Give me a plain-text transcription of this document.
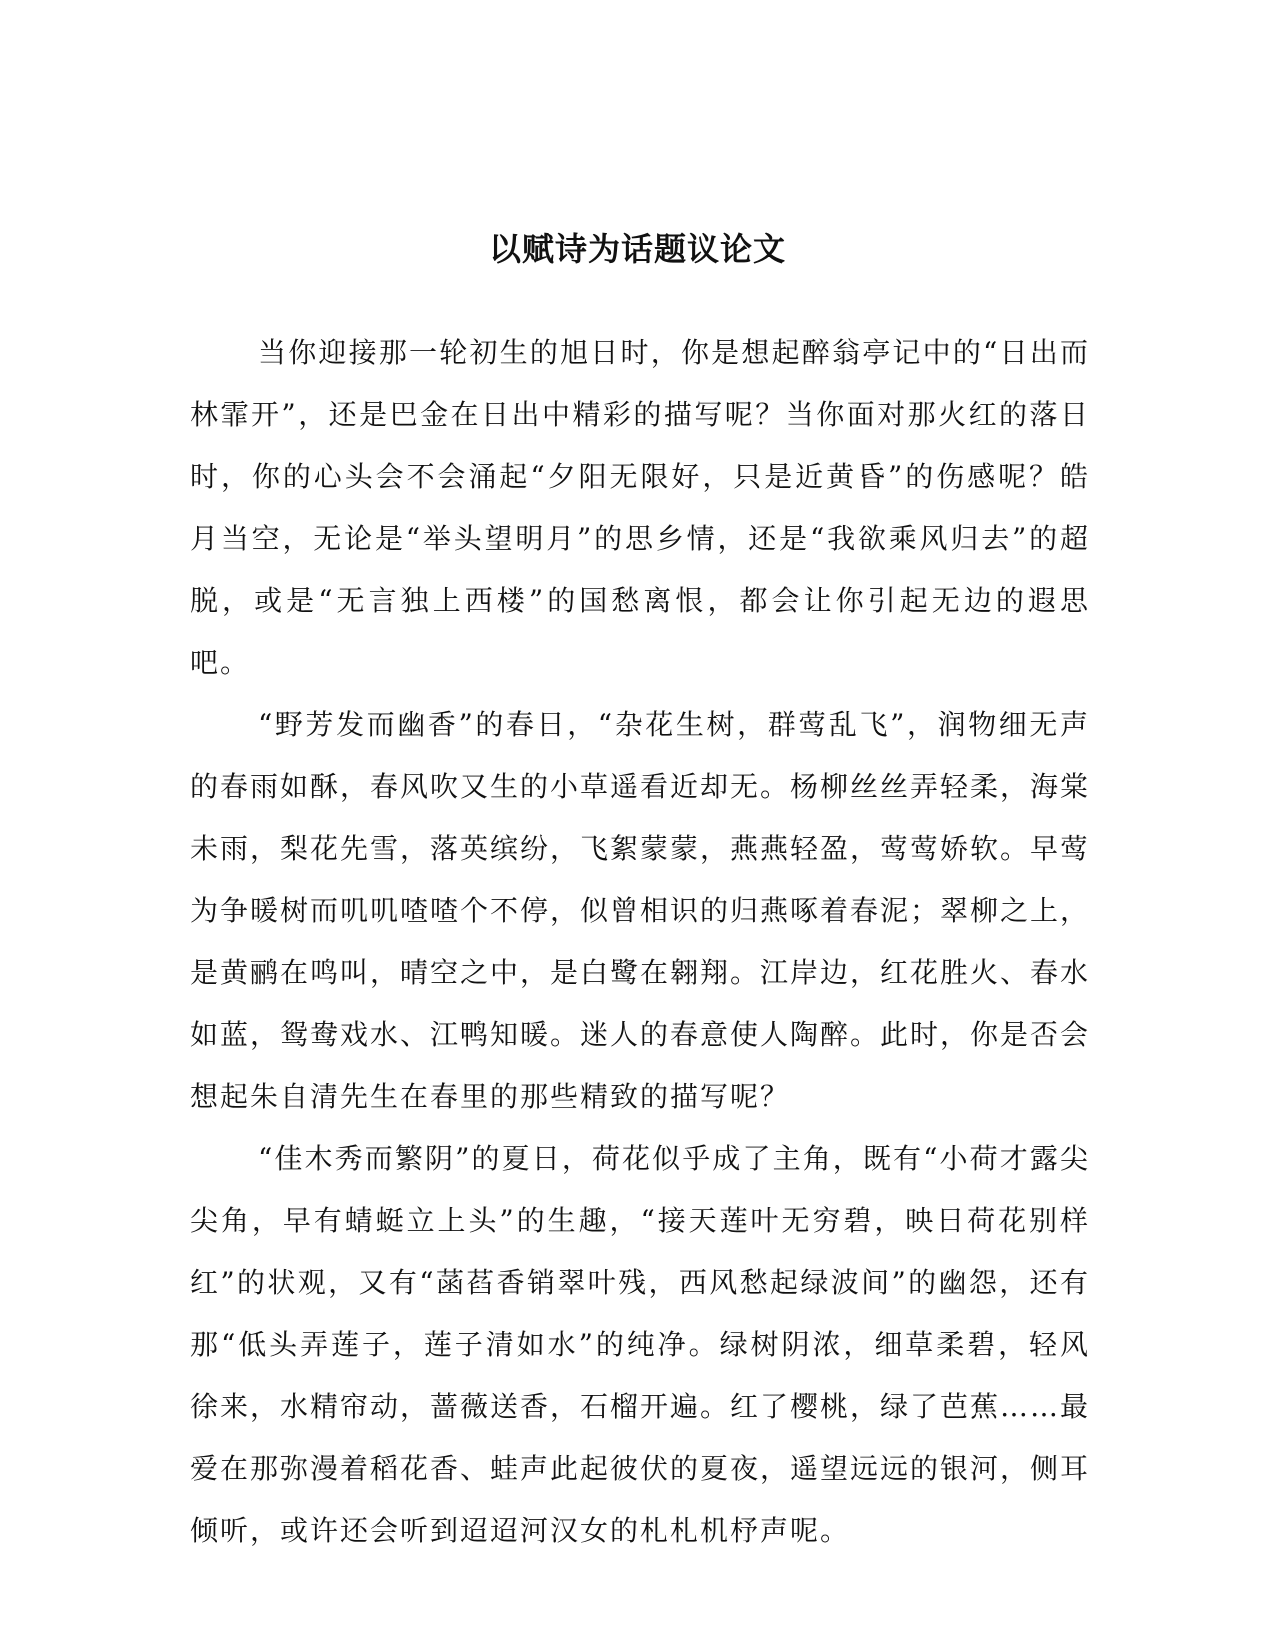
以赋诗为话题议论文

当你迎接那一轮初生的旭日时，你是想起醉翁亭记中的“日出而林霏开”，还是巴金在日出中精彩的描写呢？当你面对那火红的落日时，你的心头会不会涌起“夕阳无限好，只是近黄昏”的伤感呢？皓月当空，无论是“举头望明月”的思乡情，还是“我欲乘风归去”的超脱，或是“无言独上西楼”的国愁离恨，都会让你引起无边的遐思吧。

“野芳发而幽香”的春日，“杂花生树，群莺乱飞”，润物细无声的春雨如酥，春风吹又生的小草遥看近却无。杨柳丝丝弄轻柔，海棠未雨，梨花先雪，落英缤纷，飞絮蒙蒙，燕燕轻盈，莺莺娇软。早莺为争暖树而叽叽喳喳个不停，似曾相识的归燕啄着春泥；翠柳之上，是黄鹂在鸣叫，晴空之中，是白鹭在翱翔。江岸边，红花胜火、春水如蓝，鸳鸯戏水、江鸭知暖。迷人的春意使人陶醉。此时，你是否会想起朱自清先生在春里的那些精致的描写呢？

“佳木秀而繁阴”的夏日，荷花似乎成了主角，既有“小荷才露尖尖角，早有蜻蜓立上头”的生趣，“接天莲叶无穷碧，映日荷花别样红”的状观，又有“菡萏香销翠叶残，西风愁起绿波间”的幽怨，还有那“低头弄莲子，莲子清如水”的纯净。绿树阴浓，细草柔碧，轻风徐来，水精帘动，蔷薇送香，石榴开遍。红了樱桃，绿了芭蕉……最爱在那弥漫着稻花香、蛙声此起彼伏的夏夜，遥望远远的银河，侧耳倾听，或许还会听到迢迢河汉女的札札机杼声呢。
